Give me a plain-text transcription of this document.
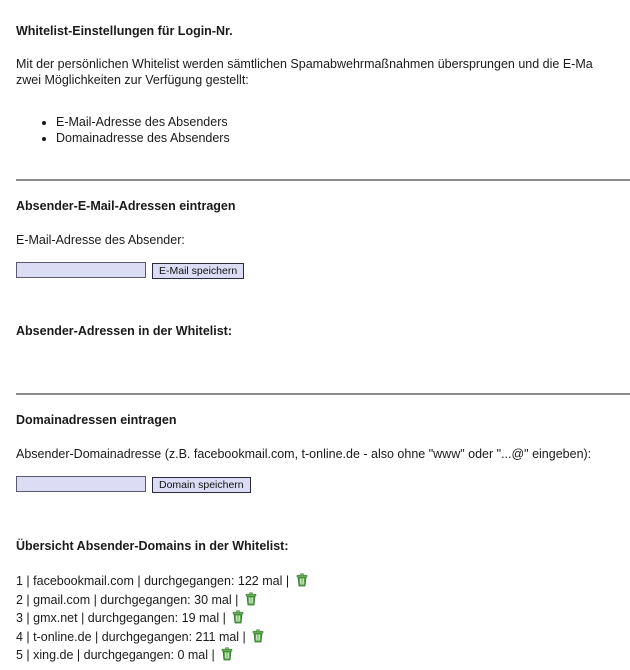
Whitelist-Einstellungen für Login-Nr.
Mit der persönlichen Whitelist werden sämtlichen Spamabwehrmaßnahmen übersprungen und die E-Ma
zwei Möglichkeiten zur Verfügung gestellt:
• E-Mail-Adresse des Absenders
• Domainadresse des Absenders
Absender-E-Mail-Adressen eintragen
E-Mail-Adresse des Absender:
E-Mail speichern
Absender-Adressen in der Whitelist:
Domainadressen eintragen
Absender-Domainadresse (z.B. facebookmail.com, t-online.de - also ohne "www" oder "...@" eingeben):
Domain speichern
Übersicht Absender-Domains in der Whitelist:
1 | facebookmail.com | durchgegangen: 122 mal |
2 | gmail.com | durchgegangen: 30 mal |
3 | gmx.net | durchgegangen: 19 mal |
4 | t-online.de | durchgegangen: 211 mal |
5 | xing.de | durchgegangen: 0 mal |
